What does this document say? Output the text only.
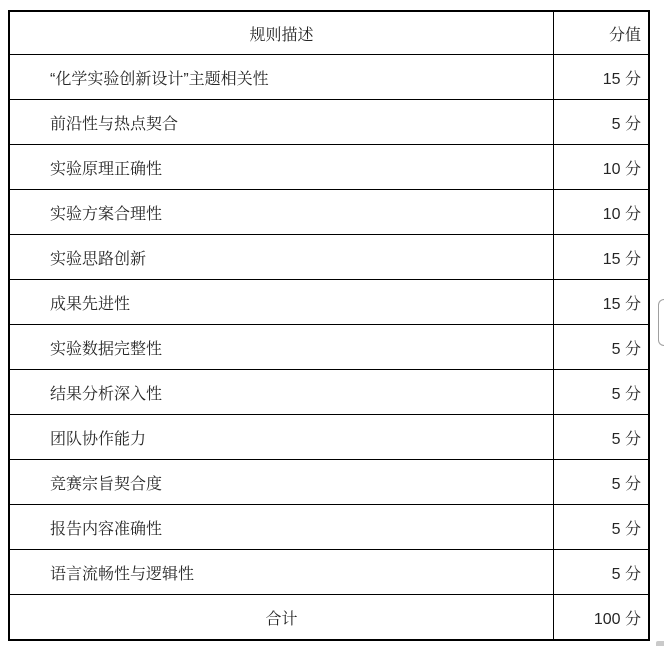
规则描述	分值
“化学实验创新设计”主题相关性	15 分
前沿性与热点契合	5 分
实验原理正确性	10 分
实验方案合理性	10 分
实验思路创新	15 分
成果先进性	15 分
实验数据完整性	5 分
结果分析深入性	5 分
团队协作能力	5 分
竞赛宗旨契合度	5 分
报告内容准确性	5 分
语言流畅性与逻辑性	5 分
合计	100 分
